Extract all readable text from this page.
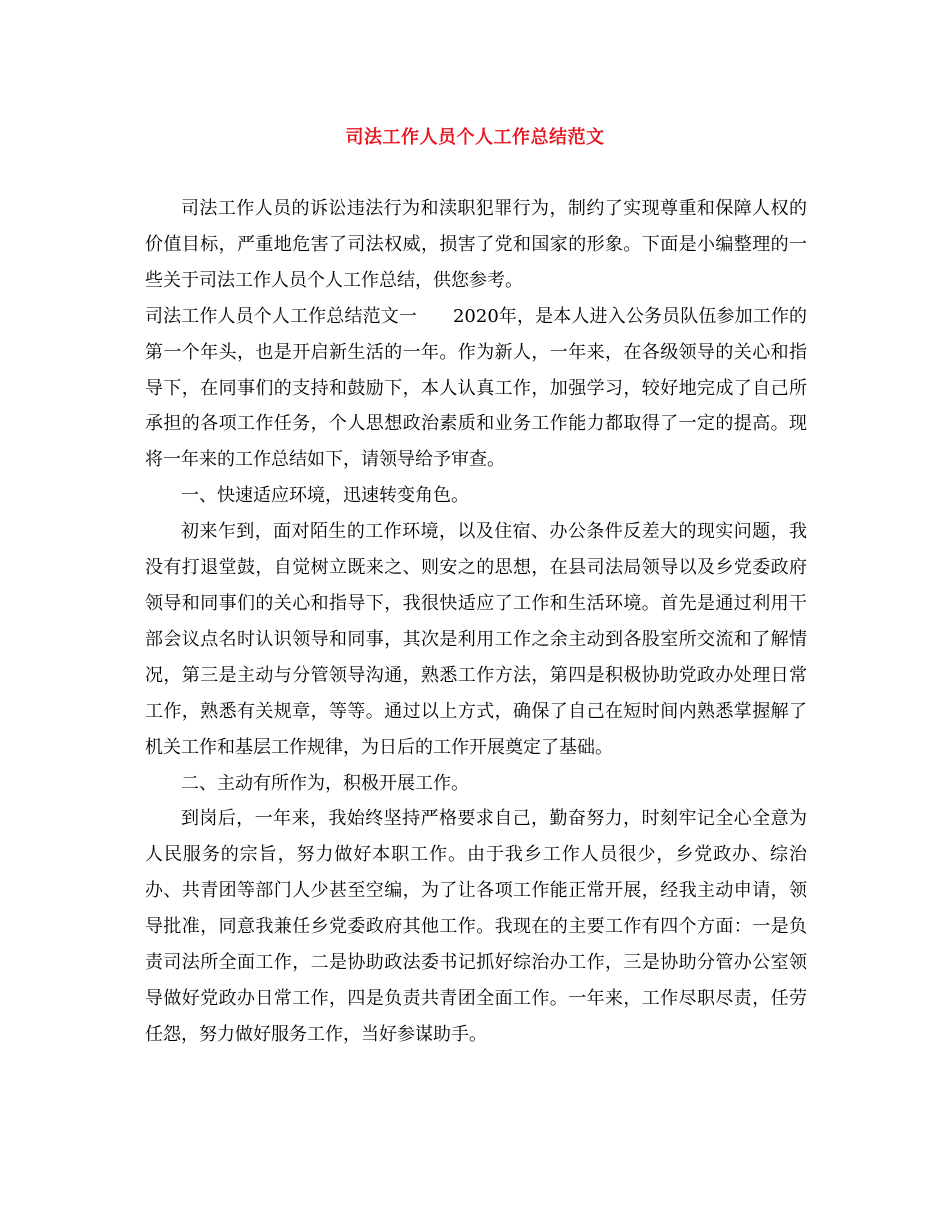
司法工作人员个人工作总结范文

司法工作人员的诉讼违法行为和渎职犯罪行为，制约了实现尊重和保障人权的价值目标，严重地危害了司法权威，损害了党和国家的形象。下面是小编整理的一些关于司法工作人员个人工作总结，供您参考。

司法工作人员个人工作总结范文一 2020年，是本人进入公务员队伍参加工作的第一个年头，也是开启新生活的一年。作为新人，一年来，在各级领导的关心和指导下，在同事们的支持和鼓励下，本人认真工作，加强学习，较好地完成了自己所承担的各项工作任务，个人思想政治素质和业务工作能力都取得了一定的提高。现将一年来的工作总结如下，请领导给予审查。

一、快速适应环境，迅速转变角色。

初来乍到，面对陌生的工作环境，以及住宿、办公条件反差大的现实问题，我没有打退堂鼓，自觉树立既来之、则安之的思想，在县司法局领导以及乡党委政府领导和同事们的关心和指导下，我很快适应了工作和生活环境。首先是通过利用干部会议点名时认识领导和同事，其次是利用工作之余主动到各股室所交流和了解情况，第三是主动与分管领导沟通，熟悉工作方法，第四是积极协助党政办处理日常工作，熟悉有关规章，等等。通过以上方式，确保了自己在短时间内熟悉掌握解了机关工作和基层工作规律，为日后的工作开展奠定了基础。

二、主动有所作为，积极开展工作。

到岗后，一年来，我始终坚持严格要求自己，勤奋努力，时刻牢记全心全意为人民服务的宗旨，努力做好本职工作。由于我乡工作人员很少，乡党政办、综治办、共青团等部门人少甚至空编，为了让各项工作能正常开展，经我主动申请，领导批准，同意我兼任乡党委政府其他工作。我现在的主要工作有四个方面：一是负责司法所全面工作，二是协助政法委书记抓好综治办工作，三是协助分管办公室领导做好党政办日常工作，四是负责共青团全面工作。一年来，工作尽职尽责，任劳任怨，努力做好服务工作，当好参谋助手。
